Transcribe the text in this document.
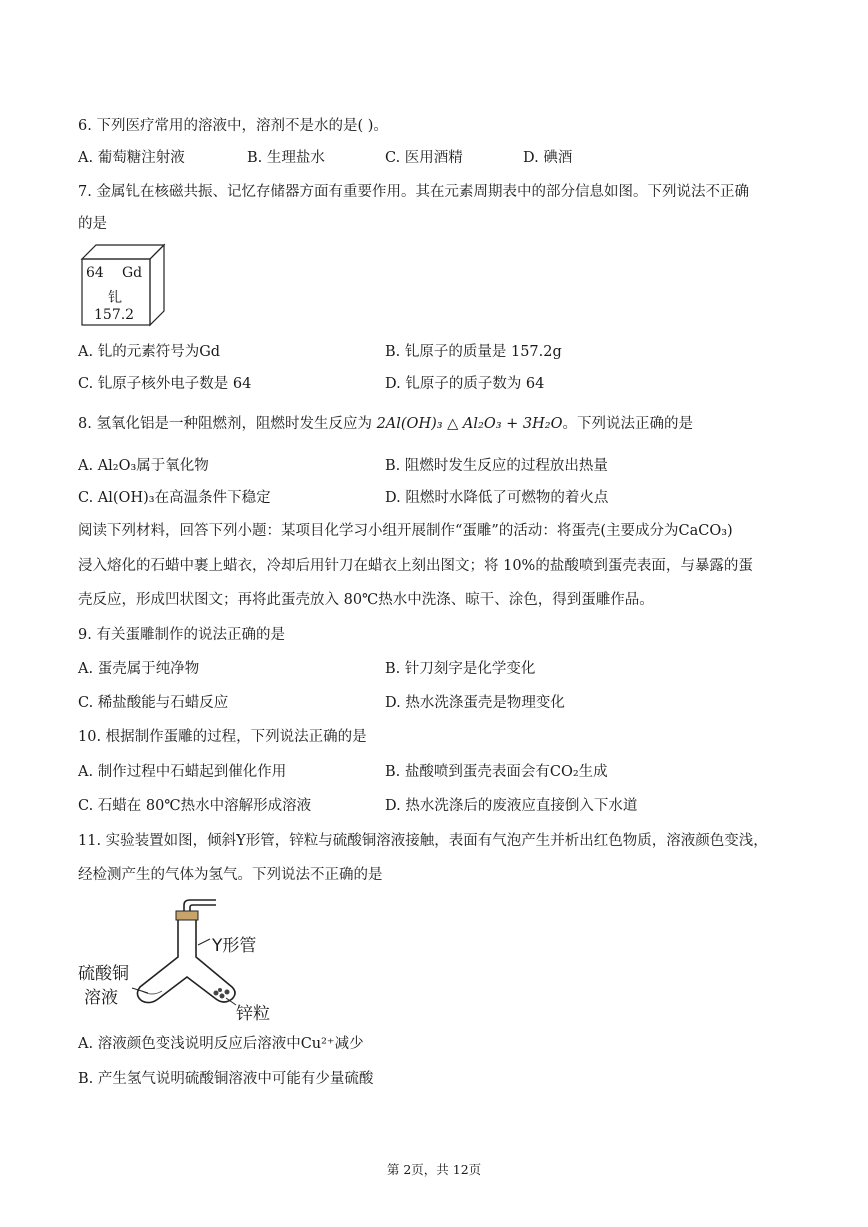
6. 下列医疗常用的溶液中，溶剂不是水的是( )。
A. 葡萄糖注射液	B. 生理盐水	C. 医用酒精	D. 碘酒
7. 金属钆在核磁共振、记忆存储器方面有重要作用。其在元素周期表中的部分信息如图。下列说法不正确
的是
64 Gd
钆
157.2
A. 钆的元素符号为Gd	B. 钆原子的质量是 157.2g
C. 钆原子核外电子数是 64	D. 钆原子的质子数为 64
8. 氢氧化铝是一种阻燃剂，阻燃时发生反应为 2Al(OH)₃ △ Al₂O₃ + 3H₂O。下列说法正确的是
A. Al₂O₃属于氧化物	B. 阻燃时发生反应的过程放出热量
C. Al(OH)₃在高温条件下稳定	D. 阻燃时水降低了可燃物的着火点
阅读下列材料，回答下列小题：某项目化学习小组开展制作“蛋雕”的活动：将蛋壳(主要成分为CaCO₃)
浸入熔化的石蜡中裹上蜡衣，冷却后用针刀在蜡衣上刻出图文；将 10%的盐酸喷到蛋壳表面，与暴露的蛋
壳反应，形成凹状图文；再将此蛋壳放入 80℃热水中洗涤、晾干、涂色，得到蛋雕作品。
9. 有关蛋雕制作的说法正确的是
A. 蛋壳属于纯净物	B. 针刀刻字是化学变化
C. 稀盐酸能与石蜡反应	D. 热水洗涤蛋壳是物理变化
10. 根据制作蛋雕的过程，下列说法正确的是
A. 制作过程中石蜡起到催化作用	B. 盐酸喷到蛋壳表面会有CO₂生成
C. 石蜡在 80℃热水中溶解形成溶液	D. 热水洗涤后的废液应直接倒入下水道
11. 实验装置如图，倾斜Y形管，锌粒与硫酸铜溶液接触，表面有气泡产生并析出红色物质，溶液颜色变浅，
经检测产生的气体为氢气。下列说法不正确的是
Y形管
硫酸铜
溶液
锌粒
A. 溶液颜色变浅说明反应后溶液中Cu²⁺减少
B. 产生氢气说明硫酸铜溶液中可能有少量硫酸
第 2页，共 12页
